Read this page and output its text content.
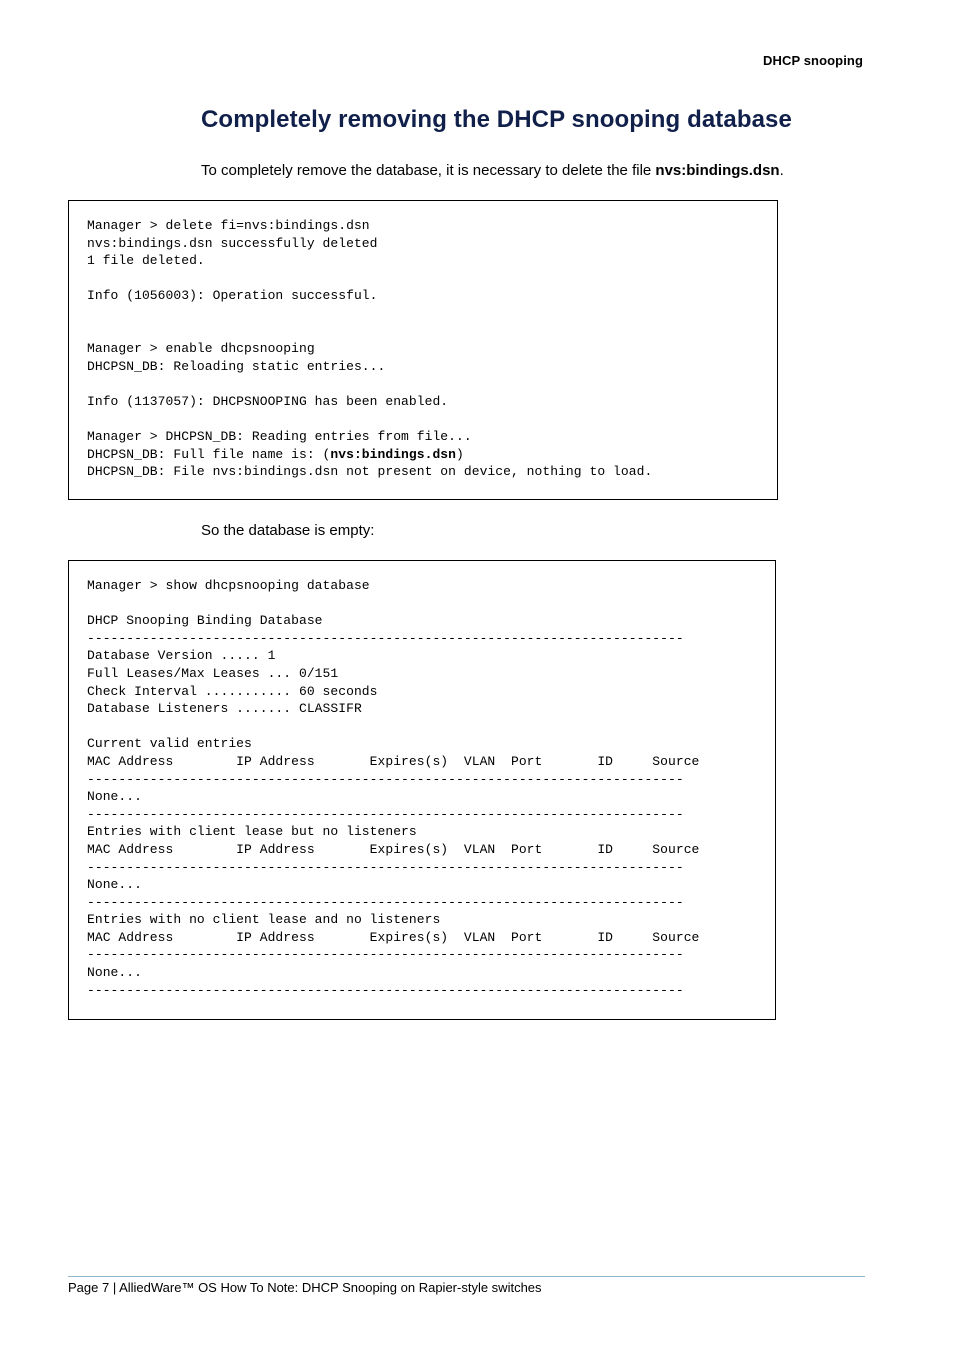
DHCP snooping
Completely removing the DHCP snooping database

To completely remove the database, it is necessary to delete the file nvs:bindings.dsn.

Manager > delete fi=nvs:bindings.dsn
nvs:bindings.dsn successfully deleted
1 file deleted.
Info (1056003): Operation successful.
Manager > enable dhcpsnooping
DHCPSN_DB: Reloading static entries...
Info (1137057): DHCPSNOOPING has been enabled.
Manager > DHCPSN_DB: Reading entries from file...
DHCPSN_DB: Full file name is: (nvs:bindings.dsn)
DHCPSN_DB: File nvs:bindings.dsn not present on device, nothing to load.

So the database is empty:

Manager > show dhcpsnooping database
DHCP Snooping Binding Database
----------------------------------------------------------------------------
Database Version ..... 1
Full Leases/Max Leases ... 0/151
Check Interval ........... 60 seconds
Database Listeners ....... CLASSIFR
Current valid entries
MAC Address        IP Address       Expires(s)  VLAN  Port       ID     Source
----------------------------------------------------------------------------
None...
----------------------------------------------------------------------------
Entries with client lease but no listeners
MAC Address        IP Address       Expires(s)  VLAN  Port       ID     Source
----------------------------------------------------------------------------
None...
----------------------------------------------------------------------------
Entries with no client lease and no listeners
MAC Address        IP Address       Expires(s)  VLAN  Port       ID     Source
----------------------------------------------------------------------------
None...
----------------------------------------------------------------------------
Page 7 | AlliedWare™ OS How To Note: DHCP Snooping on Rapier-style switches
